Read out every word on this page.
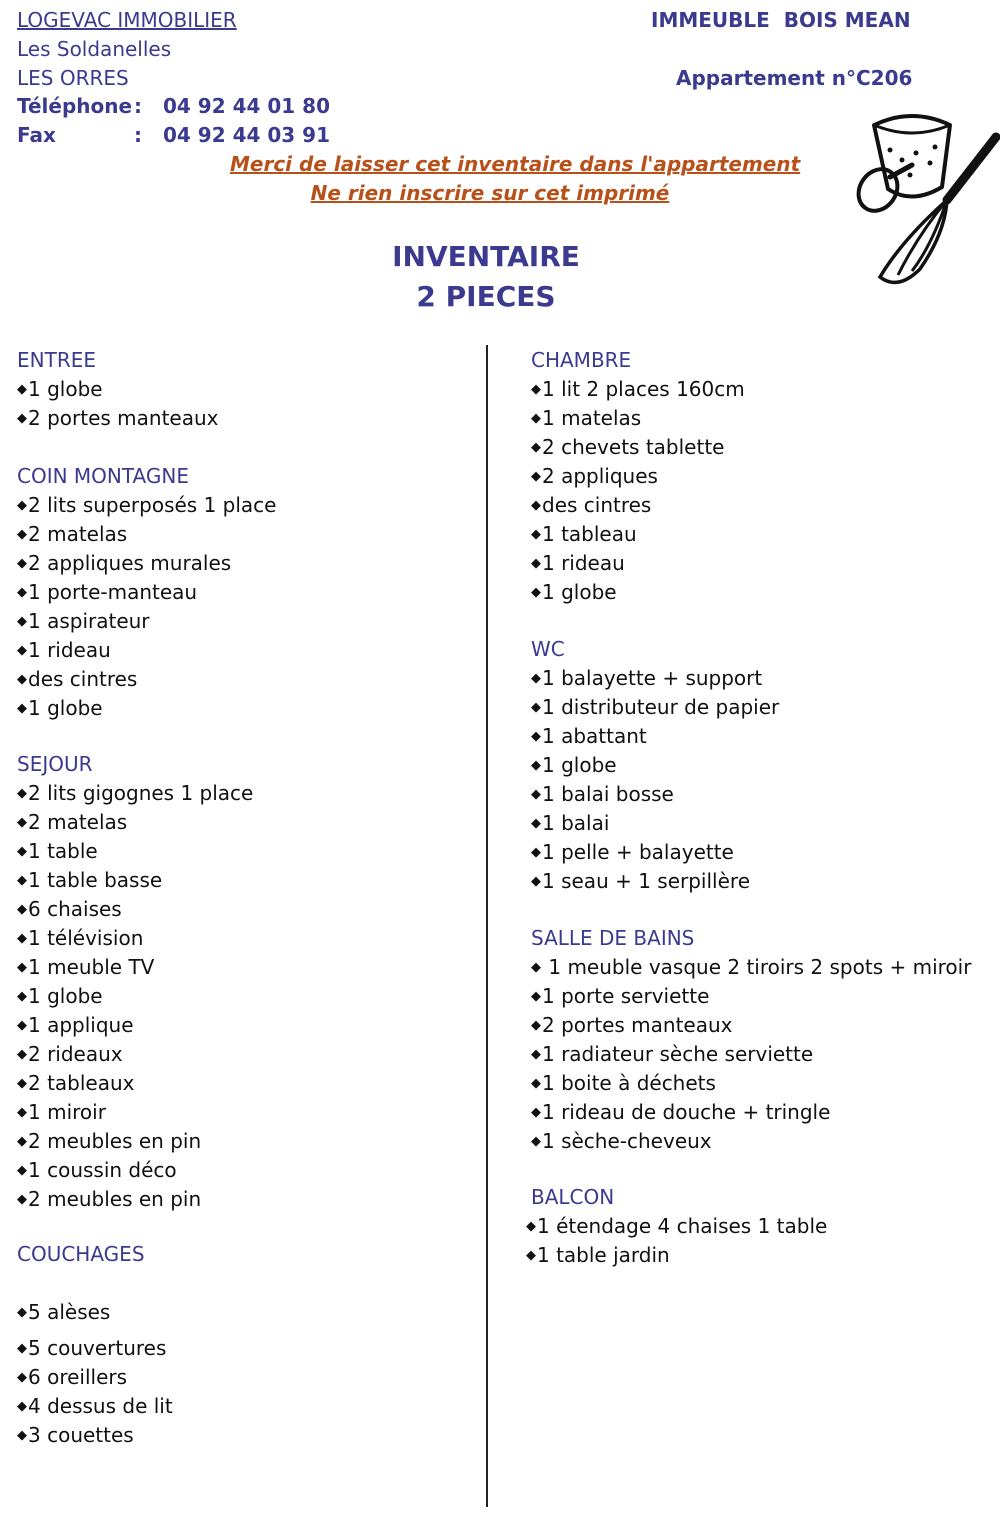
LOGEVAC IMMOBILIER
Les Soldanelles
LES ORRES
Téléphone : 04 92 44 01 80
Fax	: 04 92 44 03 91
IMMEUBLE  BOIS MEAN
Appartement n°C206
Merci de laisser cet inventaire dans l'appartement
Ne rien inscrire sur cet imprimé
INVENTAIRE
2 PIECES
ENTREE
◆1 globe
◆2 portes manteaux
COIN MONTAGNE
◆2 lits superposés 1 place
◆2 matelas
◆2 appliques murales
◆1 porte-manteau
◆1 aspirateur
◆1 rideau
◆des cintres
◆1 globe
SEJOUR
◆2 lits gigognes 1 place
◆2 matelas
◆1 table
◆1 table basse
◆6 chaises
◆1 télévision
◆1 meuble TV
◆1 globe
◆1 applique
◆2 rideaux
◆2 tableaux
◆1 miroir
◆2 meubles en pin
◆1 coussin déco
◆2 meubles en pin
COUCHAGES
◆5 alèses
◆5 couvertures
◆6 oreillers
◆4 dessus de lit
◆3 couettes
CHAMBRE
◆1 lit 2 places 160cm
◆1 matelas
◆2 chevets tablette
◆2 appliques
◆des cintres
◆1 tableau
◆1 rideau
◆1 globe
WC
◆1 balayette + support
◆1 distributeur de papier
◆1 abattant
◆1 globe
◆1 balai bosse
◆1 balai
◆1 pelle + balayette
◆1 seau + 1 serpillère
SALLE DE BAINS
◆ 1 meuble vasque 2 tiroirs 2 spots + miroir
◆1 porte serviette
◆2 portes manteaux
◆1 radiateur sèche serviette
◆1 boite à déchets
◆1 rideau de douche + tringle
◆1 sèche-cheveux
BALCON
◆1 étendage 4 chaises 1 table
◆1 table jardin
